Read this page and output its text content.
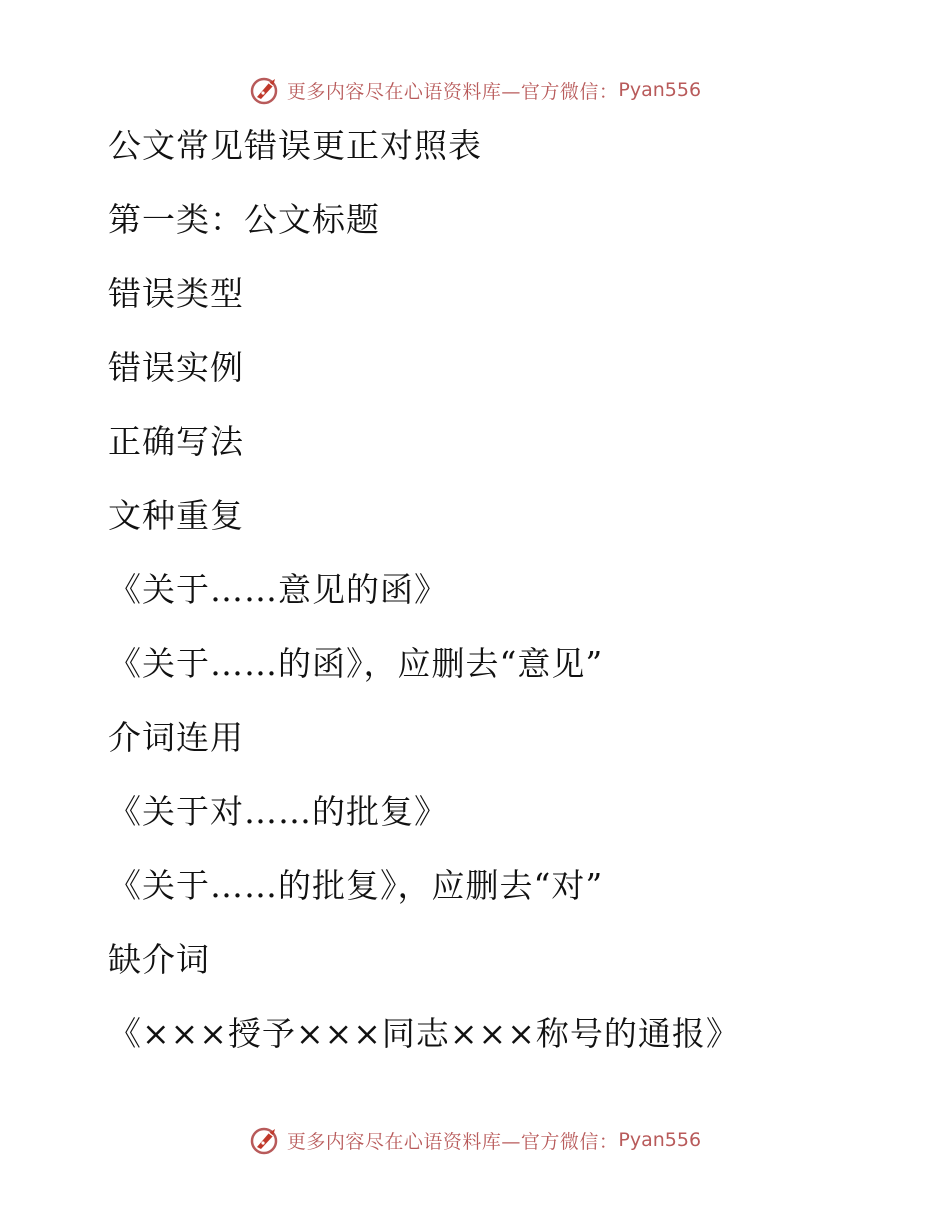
更多内容尽在心语资料库—官方微信： Pyan556
公文常见错误更正对照表
第一类：公文标题
错误类型
错误实例
正确写法
文种重复
《关于……意见的函》
《关于……的函》，应删去“意见”
介词连用
《关于对……的批复》
《关于……的批复》，应删去“对”
缺介词
《×××授予×××同志×××称号的通报》
更多内容尽在心语资料库—官方微信： Pyan556
